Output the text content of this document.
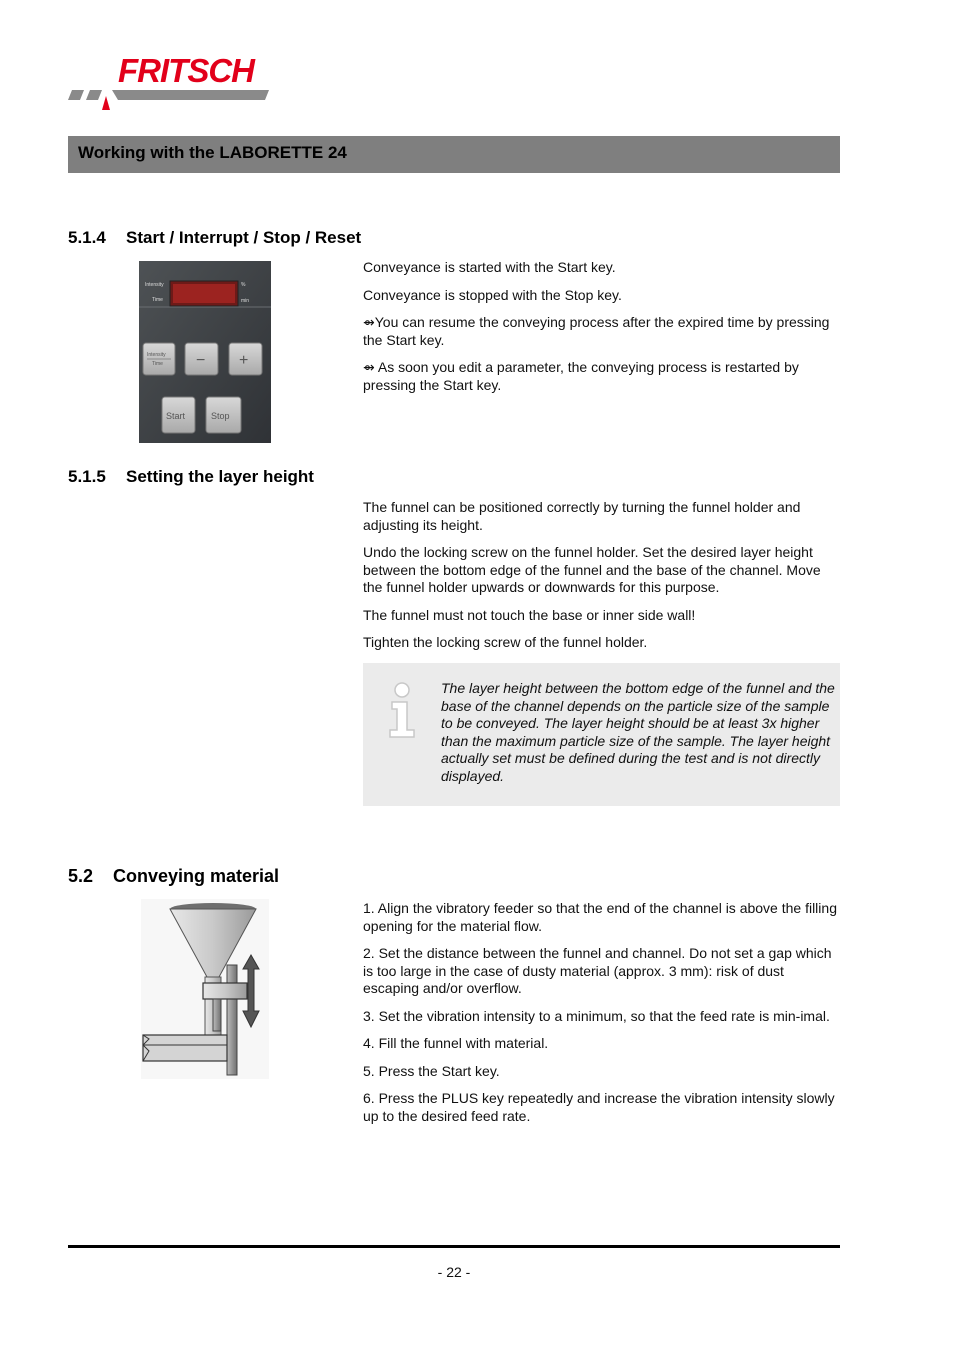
FRITSCH
Working with the LABORETTE 24
5.1.4 Start / Interrupt / Stop / Reset
Intensity
Time
%
min
Intensity
Time − +
Start	Stop

Conveyance is started with the Start key.

Conveyance is stopped with the Stop key.

⇴You can resume the conveying process after the expired time by pressing the Start key.

⇴ As soon you edit a parameter, the conveying process is restarted by pressing the Start key.

5.1.5 Setting the layer height

The funnel can be positioned correctly by turning the funnel holder and adjusting its height.

Undo the locking screw on the funnel holder. Set the desired layer height between the bottom edge of the funnel and the base of the channel. Move the funnel holder upwards or downwards for this purpose.

The funnel must not touch the base or inner side wall!

Tighten the locking screw of the funnel holder.

The layer height between the bottom edge of the funnel and the base of the channel depends on the particle size of the sample to be conveyed. The layer height should be at least 3x higher than the maximum particle size of the sample. The layer height actually set must be defined during the test and is not directly displayed.
5.2 Conveying material

1. Align the vibratory feeder so that the end of the channel is above the filling opening for the material flow.

2. Set the distance between the funnel and channel. Do not set a gap which is too large in the case of dusty material (approx. 3 mm): risk of dust escaping and/or overflow.

3. Set the vibration intensity to a minimum, so that the feed rate is min-imal.

4. Fill the funnel with material.

5. Press the Start key.

6. Press the PLUS key repeatedly and increase the vibration intensity slowly up to the desired feed rate.

- 22 -
